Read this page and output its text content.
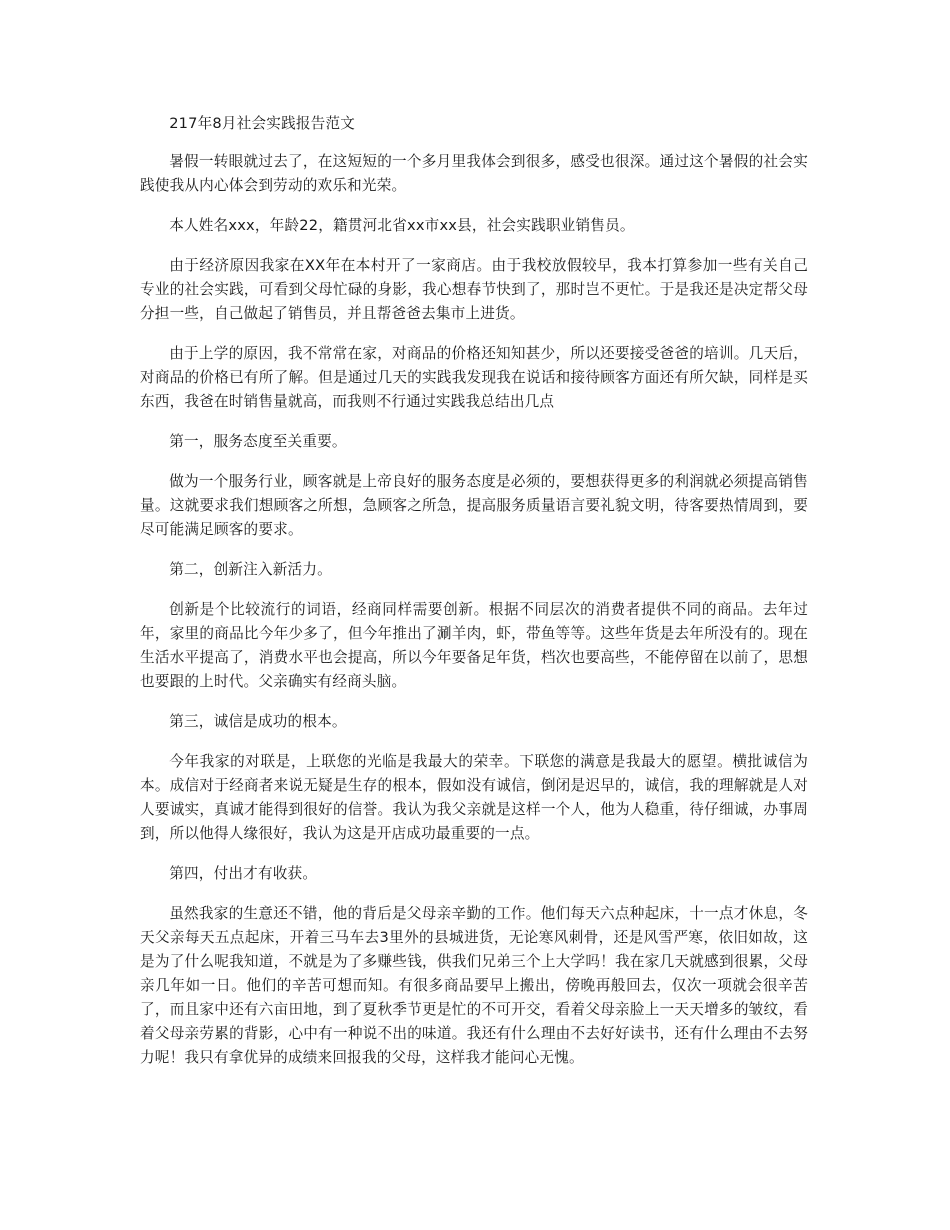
217年8月社会实践报告范文

暑假一转眼就过去了，在这短短的一个多月里我体会到很多，感受也很深。通过这个暑假的社会实践使我从内心体会到劳动的欢乐和光荣。

本人姓名xxx，年龄22，籍贯河北省xx市xx县，社会实践职业销售员。

由于经济原因我家在XX年在本村开了一家商店。由于我校放假较早，我本打算参加一些有关自己专业的社会实践，可看到父母忙碌的身影，我心想春节快到了，那时岂不更忙。于是我还是决定帮父母分担一些，自己做起了销售员，并且帮爸爸去集市上进货。

由于上学的原因，我不常常在家，对商品的价格还知知甚少，所以还要接受爸爸的培训。几天后，对商品的价格已有所了解。但是通过几天的实践我发现我在说话和接待顾客方面还有所欠缺，同样是买东西，我爸在时销售量就高，而我则不行通过实践我总结出几点

第一，服务态度至关重要。

做为一个服务行业，顾客就是上帝良好的服务态度是必须的，要想获得更多的利润就必须提高销售量。这就要求我们想顾客之所想，急顾客之所急，提高服务质量语言要礼貌文明，待客要热情周到，要尽可能满足顾客的要求。

第二，创新注入新活力。

创新是个比较流行的词语，经商同样需要创新。根据不同层次的消费者提供不同的商品。去年过年，家里的商品比今年少多了，但今年推出了涮羊肉，虾，带鱼等等。这些年货是去年所没有的。现在生活水平提高了，消费水平也会提高，所以今年要备足年货，档次也要高些，不能停留在以前了，思想也要跟的上时代。父亲确实有经商头脑。

第三，诚信是成功的根本。

今年我家的对联是，上联您的光临是我最大的荣幸。下联您的满意是我最大的愿望。横批诚信为本。成信对于经商者来说无疑是生存的根本，假如没有诚信，倒闭是迟早的，诚信，我的理解就是人对人要诚实，真诚才能得到很好的信誉。我认为我父亲就是这样一个人，他为人稳重，待仔细诚，办事周到，所以他得人缘很好，我认为这是开店成功最重要的一点。

第四，付出才有收获。

虽然我家的生意还不错，他的背后是父母亲辛勤的工作。他们每天六点种起床，十一点才休息，冬天父亲每天五点起床，开着三马车去3里外的县城进货，无论寒风刺骨，还是风雪严寒，依旧如故，这是为了什么呢我知道，不就是为了多赚些钱，供我们兄弟三个上大学吗！我在家几天就感到很累，父母亲几年如一日。他们的辛苦可想而知。有很多商品要早上搬出，傍晚再般回去，仅次一项就会很辛苦了，而且家中还有六亩田地，到了夏秋季节更是忙的不可开交，看着父母亲脸上一天天增多的皱纹，看着父母亲劳累的背影，心中有一种说不出的味道。我还有什么理由不去好好读书，还有什么理由不去努力呢！我只有拿优异的成绩来回报我的父母，这样我才能问心无愧。
